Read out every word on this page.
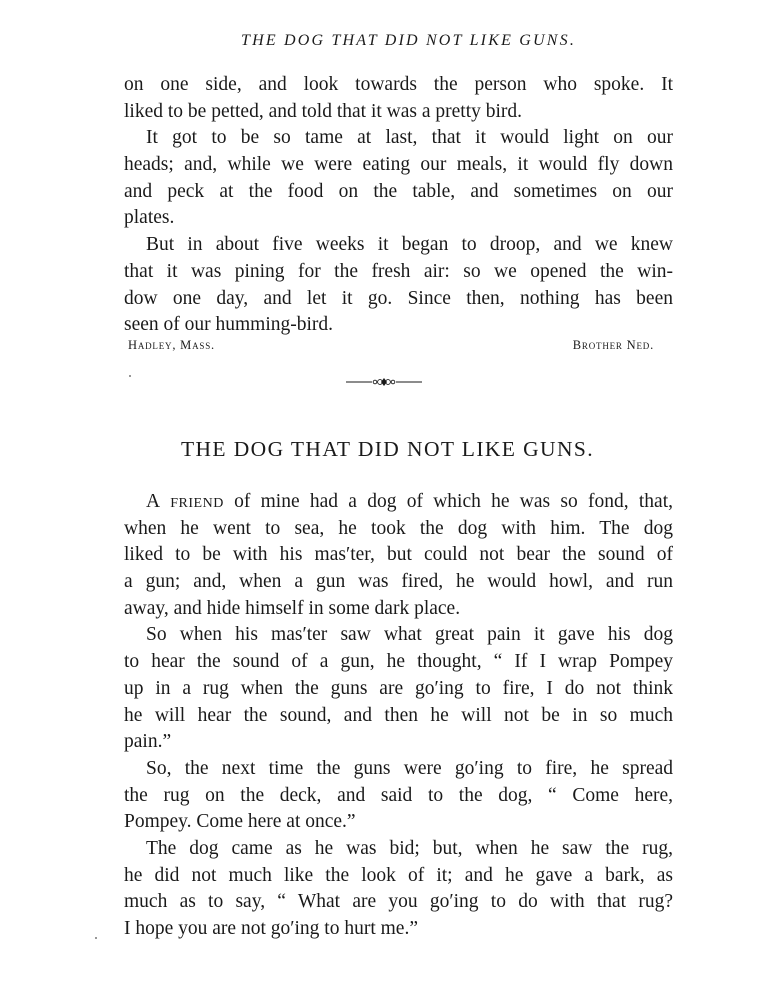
THE DOG THAT DID NOT LIKE GUNS.
on one side, and look towards the person who spoke. It
liked to be petted, and told that it was a pretty bird.
It got to be so tame at last, that it would light on our
heads; and, while we were eating our meals, it would fly down
and peck at the food on the table, and sometimes on our
plates.
But in about five weeks it began to droop, and we knew
that it was pining for the fresh air: so we opened the win-
dow one day, and let it go. Since then, nothing has been
seen of our humming-bird.
Hadley, Mass.	Brother Ned.
THE DOG THAT DID NOT LIKE GUNS.
A friend of mine had a dog of which he was so fond, that,
when he went to sea, he took the dog with him. The dog
liked to be with his mas′ter, but could not bear the sound of
a gun; and, when a gun was fired, he would howl, and run
away, and hide himself in some dark place.
So when his mas′ter saw what great pain it gave his dog
to hear the sound of a gun, he thought, “ If I wrap Pompey
up in a rug when the guns are go′ing to fire, I do not think
he will hear the sound, and then he will not be in so much
pain.”
So, the next time the guns were go′ing to fire, he spread
the rug on the deck, and said to the dog, “ Come here,
Pompey. Come here at once.”
The dog came as he was bid; but, when he saw the rug,
he did not much like the look of it; and he gave a bark, as
much as to say, “ What are you go′ing to do with that rug?
I hope you are not go′ing to hurt me.”
